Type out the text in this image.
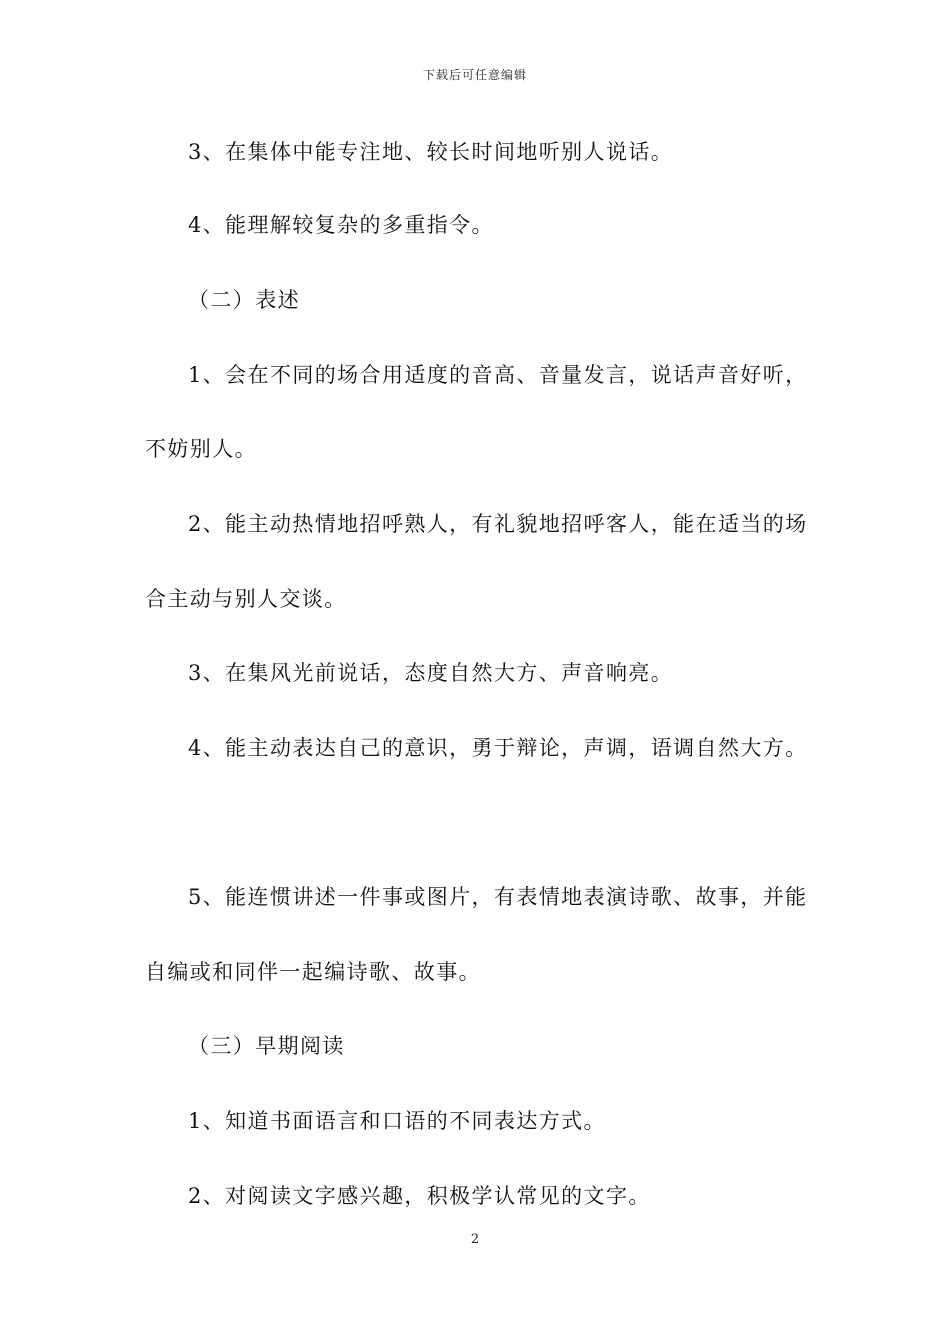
下载后可任意编辑
3、在集体中能专注地、较长时间地听别人说话。
4、能理解较复杂的多重指令。
（二）表述
1、会在不同的场合用适度的音高、音量发言，说话声音好听，
不妨别人。
2、能主动热情地招呼熟人，有礼貌地招呼客人，能在适当的场
合主动与别人交谈。
3、在集风光前说话，态度自然大方、声音响亮。
4、能主动表达自己的意识，勇于辩论，声调，语调自然大方。
5、能连惯讲述一件事或图片，有表情地表演诗歌、故事，并能
自编或和同伴一起编诗歌、故事。
（三）早期阅读
1、知道书面语言和口语的不同表达方式。
2、对阅读文字感兴趣，积极学认常见的文字。
2
